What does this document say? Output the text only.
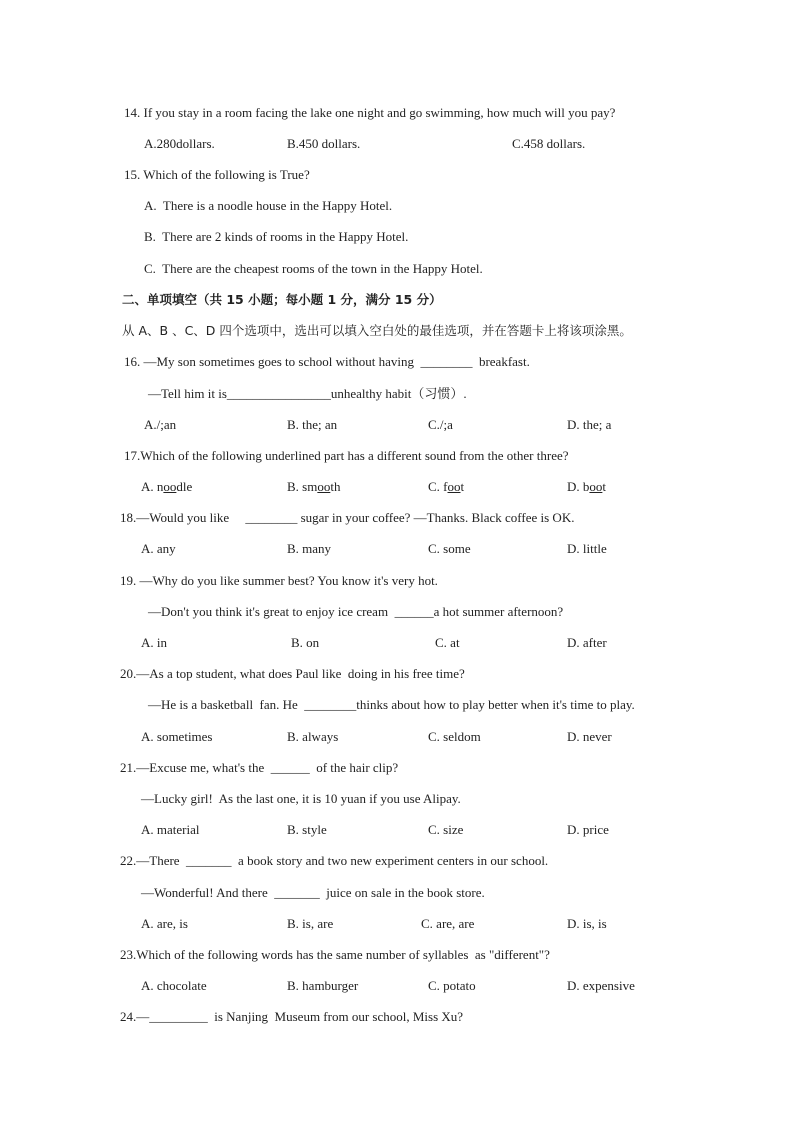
14. If you stay in a room facing the lake one night and go swimming, how much will you pay?
A.280dollars.	B.450 dollars.	C.458 dollars.
15. Which of the following is True?
A.  There is a noodle house in the Happy Hotel.
B.  There are 2 kinds of rooms in the Happy Hotel.
C.  There are the cheapest rooms of the town in the Happy Hotel.
二、单项填空（共 15 小题；每小题 1 分，满分 15 分）
从 A、B 、C、D 四个选项中，选出可以填入空白处的最佳选项，并在答题卡上将该项涂黑。
16. —My son sometimes goes to school without having  ________  breakfast.
—Tell him it is________________unhealthy habit（习惯）.
A./;an	B. the; an	C./;a	D. the; a
17.Which of the following underlined part has a different sound from the other three?
A. noodle	B. smooth	C. foot	D. boot
18.—Would you like     ________ sugar in your coffee? —Thanks. Black coffee is OK.
A. any	B. many	C. some	D. little
19. —Why do you like summer best? You know it's very hot.
—Don't you think it's great to enjoy ice cream  ______a hot summer afternoon?
A. in	B. on	C. at	D. after
20.—As a top student, what does Paul like  doing in his free time?
—He is a basketball  fan. He  ________thinks about how to play better when it's time to play.
A. sometimes	B. always	C. seldom	D. never
21.—Excuse me, what's the  ______  of the hair clip?
—Lucky girl!  As the last one, it is 10 yuan if you use Alipay.
A. material	B. style	C. size	D. price
22.—There  _______  a book story and two new experiment centers in our school.
—Wonderful! And there  _______  juice on sale in the book store.
A. are, is	B. is, are	C. are, are	D. is, is
23.Which of the following words has the same number of syllables  as "different"?
A. chocolate	B. hamburger	C. potato	D. expensive
24.—_________  is Nanjing  Museum from our school, Miss Xu?
